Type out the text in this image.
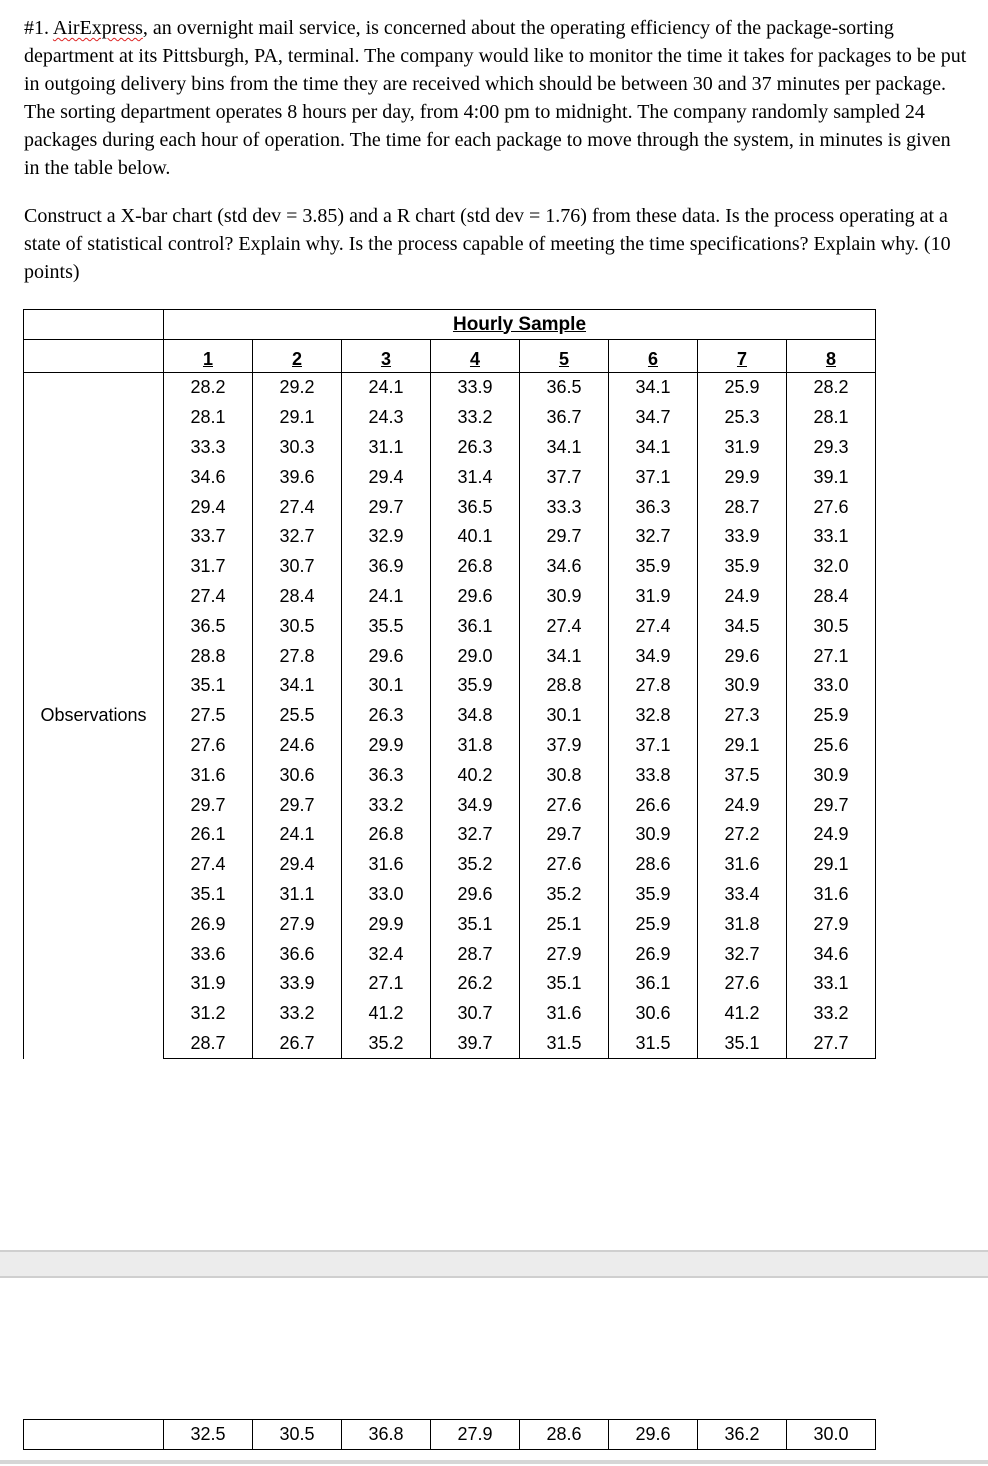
#1. AirExpress, an overnight mail service, is concerned about the operating efficiency of the package-sorting department at its Pittsburgh, PA, terminal. The company would like to monitor the time it takes for packages to be put in outgoing delivery bins from the time they are received which should be between 30 and 37 minutes per package. The sorting department operates 8 hours per day, from 4:00 pm to midnight. The company randomly sampled 24 packages during each hour of operation. The time for each package to move through the system, in minutes is given in the table below.

Construct a X-bar chart (std dev = 3.85) and a R chart (std dev = 1.76) from these data. Is the process operating at a state of statistical control? Explain why. Is the process capable of meeting the time specifications? Explain why. (10 points)

	Hourly Sample							
	1	2	3	4	5	6	7	8
Observations	28.2	29.2	24.1	33.9	36.5	34.1	25.9	28.2
	28.1	29.1	24.3	33.2	36.7	34.7	25.3	28.1
	33.3	30.3	31.1	26.3	34.1	34.1	31.9	29.3
	34.6	39.6	29.4	31.4	37.7	37.1	29.9	39.1
	29.4	27.4	29.7	36.5	33.3	36.3	28.7	27.6
	33.7	32.7	32.9	40.1	29.7	32.7	33.9	33.1
	31.7	30.7	36.9	26.8	34.6	35.9	35.9	32.0
	27.4	28.4	24.1	29.6	30.9	31.9	24.9	28.4
	36.5	30.5	35.5	36.1	27.4	27.4	34.5	30.5
	28.8	27.8	29.6	29.0	34.1	34.9	29.6	27.1
	35.1	34.1	30.1	35.9	28.8	27.8	30.9	33.0
	27.5	25.5	26.3	34.8	30.1	32.8	27.3	25.9
	27.6	24.6	29.9	31.8	37.9	37.1	29.1	25.6
	31.6	30.6	36.3	40.2	30.8	33.8	37.5	30.9
	29.7	29.7	33.2	34.9	27.6	26.6	24.9	29.7
	26.1	24.1	26.8	32.7	29.7	30.9	27.2	24.9
	27.4	29.4	31.6	35.2	27.6	28.6	31.6	29.1
	35.1	31.1	33.0	29.6	35.2	35.9	33.4	31.6
	26.9	27.9	29.9	35.1	25.1	25.9	31.8	27.9
	33.6	36.6	32.4	28.7	27.9	26.9	32.7	34.6
	31.9	33.9	27.1	26.2	35.1	36.1	27.6	33.1
	31.2	33.2	41.2	30.7	31.6	30.6	41.2	33.2
	28.7	26.7	35.2	39.7	31.5	31.5	35.1	27.7
	32.5	30.5	36.8	27.9	28.6	29.6	36.2	30.0
